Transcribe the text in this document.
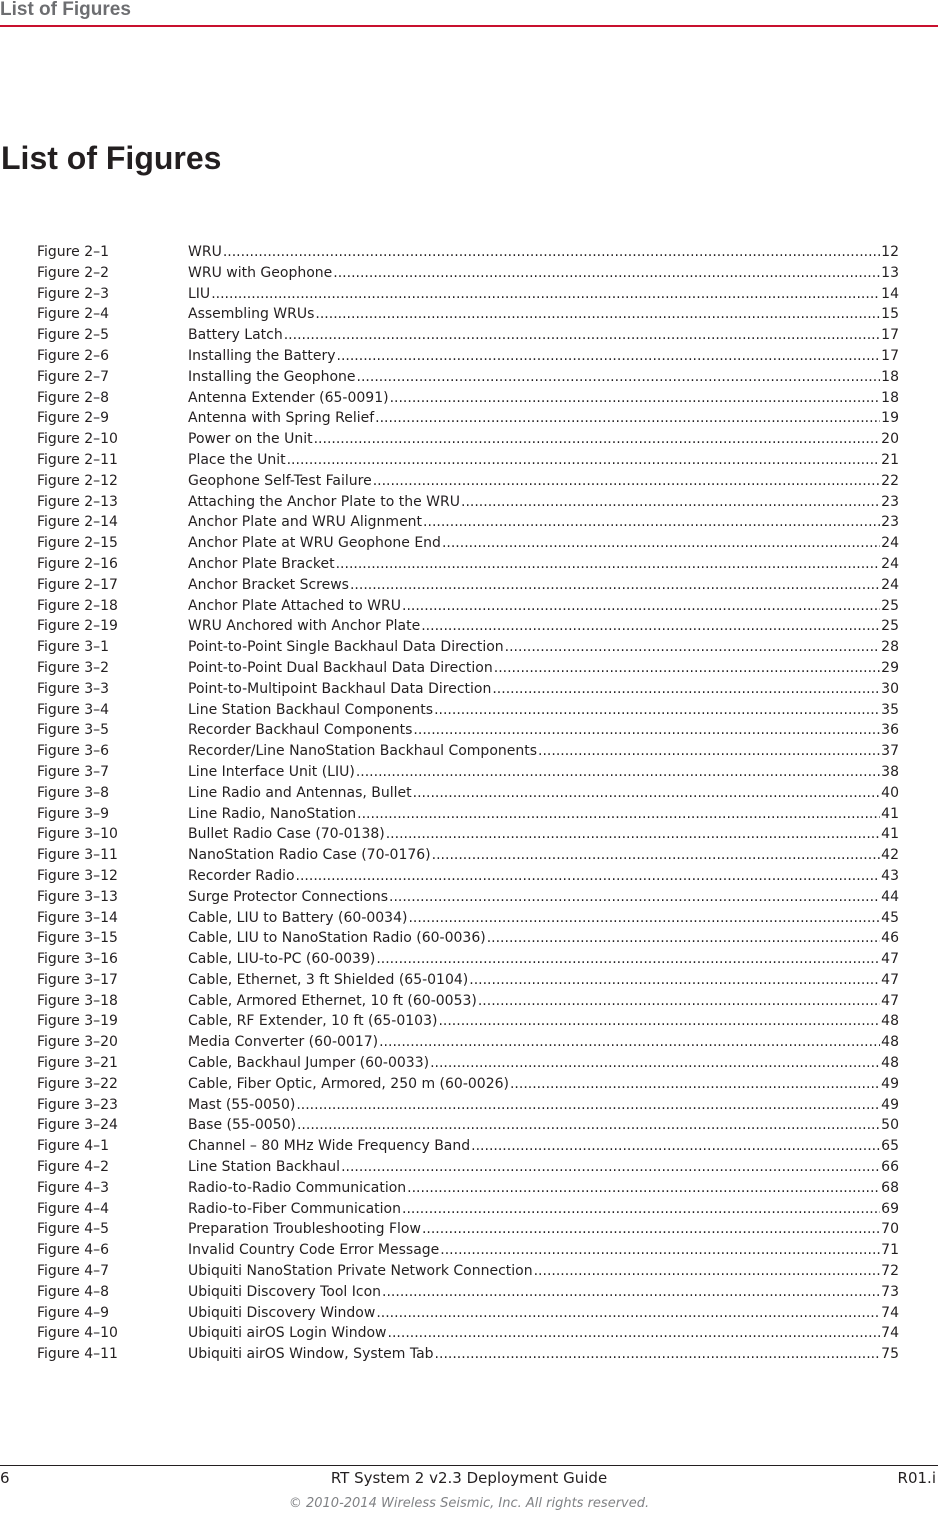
List of Figures
List of Figures
Figure 2–1	WRU .....	12
Figure 2–2	WRU with Geophone .....	13
Figure 2–3	LIU .....	14
Figure 2–4	Assembling WRUs .....	15
Figure 2–5	Battery Latch .....	17
Figure 2–6	Installing the Battery .....	17
Figure 2–7	Installing the Geophone .....	18
Figure 2–8	Antenna Extender (65-0091) .....	18
Figure 2–9	Antenna with Spring Relief .....	19
Figure 2–10	Power on the Unit .....	20
Figure 2–11	Place the Unit .....	21
Figure 2–12	Geophone Self-Test Failure .....	22
Figure 2–13	Attaching the Anchor Plate to the WRU .....	23
Figure 2–14	Anchor Plate and WRU Alignment .....	23
Figure 2–15	Anchor Plate at WRU Geophone End .....	24
Figure 2–16	Anchor Plate Bracket .....	24
Figure 2–17	Anchor Bracket Screws .....	24
Figure 2–18	Anchor Plate Attached to WRU .....	25
Figure 2–19	WRU Anchored with Anchor Plate .....	25
Figure 3–1	Point-to-Point Single Backhaul Data Direction .....	28
Figure 3–2	Point-to-Point Dual Backhaul Data Direction .....	29
Figure 3–3	Point-to-Multipoint Backhaul Data Direction .....	30
Figure 3–4	Line Station Backhaul Components .....	35
Figure 3–5	Recorder Backhaul Components .....	36
Figure 3–6	Recorder/Line NanoStation Backhaul Components .....	37
Figure 3–7	Line Interface Unit (LIU) .....	38
Figure 3–8	Line Radio and Antennas, Bullet .....	40
Figure 3–9	Line Radio, NanoStation .....	41
Figure 3–10	Bullet Radio Case (70-0138) .....	41
Figure 3–11	NanoStation Radio Case (70-0176) .....	42
Figure 3–12	Recorder Radio .....	43
Figure 3–13	Surge Protector Connections .....	44
Figure 3–14	Cable, LIU to Battery (60-0034) .....	45
Figure 3–15	Cable, LIU to NanoStation Radio (60-0036) .....	46
Figure 3–16	Cable, LIU-to-PC (60-0039) .....	47
Figure 3–17	Cable, Ethernet, 3 ft Shielded (65-0104) .....	47
Figure 3–18	Cable, Armored Ethernet, 10 ft (60-0053) .....	47
Figure 3–19	Cable, RF Extender, 10 ft (65-0103) .....	48
Figure 3–20	Media Converter (60-0017) .....	48
Figure 3–21	Cable, Backhaul Jumper (60-0033) .....	48
Figure 3–22	Cable, Fiber Optic, Armored, 250 m (60-0026) .....	49
Figure 3–23	Mast (55-0050) .....	49
Figure 3–24	Base (55-0050) .....	50
Figure 4–1	Channel – 80 MHz Wide Frequency Band .....	65
Figure 4–2	Line Station Backhaul .....	66
Figure 4–3	Radio-to-Radio Communication .....	68
Figure 4–4	Radio-to-Fiber Communication .....	69
Figure 4–5	Preparation Troubleshooting Flow .....	70
Figure 4–6	Invalid Country Code Error Message .....	71
Figure 4–7	Ubiquiti NanoStation Private Network Connection .....	72
Figure 4–8	Ubiquiti Discovery Tool Icon .....	73
Figure 4–9	Ubiquiti Discovery Window .....	74
Figure 4–10	Ubiquiti airOS Login Window .....	74
Figure 4–11	Ubiquiti airOS Window, System Tab .....	75
6	RT System 2 v2.3 Deployment Guide	R01.i
© 2010-2014 Wireless Seismic, Inc. All rights reserved.
